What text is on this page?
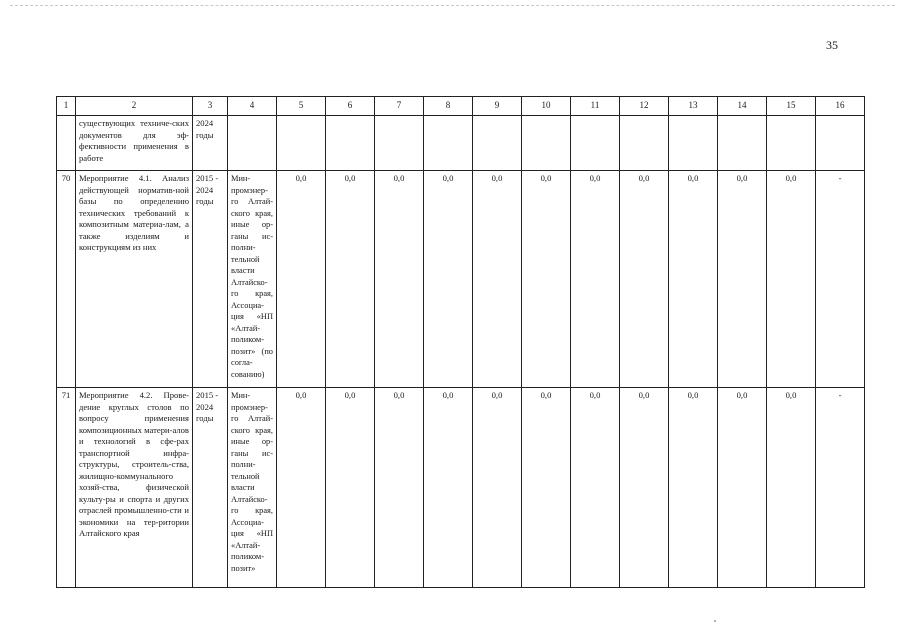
35
1	2	3	4	5	6	7	8	9	10	11	12	13	14	15	16
	существующих техниче-ских документов для эф-фективности применения в работе	2024 годы													
70	Мероприятие 4.1. Анализ действующей норматив-ной базы по определению технических требований к композитным материа-лам, а также изделиям и конструкциям из них	2015 - 2024 годы	Мин-промэнер-го Алтай-ского края, иные ор-ганы ис-полни-тельной власти Алтайско-го края, Ассоциа-ция «НП «Алтай-поликом-позит» (по согла-сованию)	0,0	0,0	0,0	0,0	0,0	0,0	0,0	0,0	0,0	0,0	0,0	-
71	Мероприятие 4.2. Прове-дение круглых столов по вопросу применения композиционных матери-алов и технологий в сфе-рах транспортной инфра-структуры, строитель-ства, жилищно-коммунального хозяй-ства, физической культу-ры и спорта и других отраслей промышленно-сти и экономики на тер-ритории Алтайского края	2015 - 2024 годы	Мин-промэнер-го Алтай-ского края, иные ор-ганы ис-полни-тельной власти Алтайско-го края, Ассоциа-ция «НП «Алтай-поликом-позит»	0,0	0,0	0,0	0,0	0,0	0,0	0,0	0,0	0,0	0,0	0,0	-
